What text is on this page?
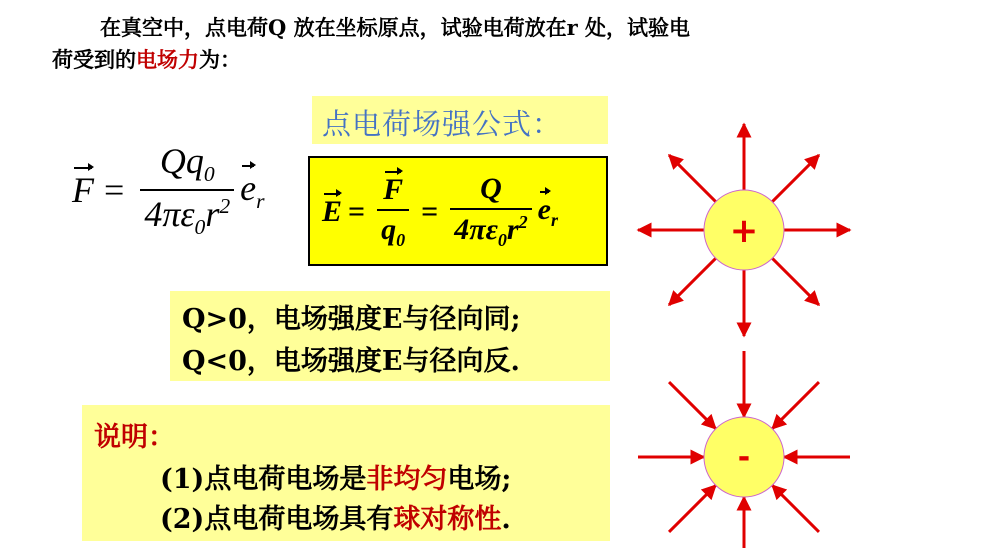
在真空中，点电荷Q 放在坐标原点，试验电荷放在r 处，试验电
荷受到的电场力为：

$F = \frac{Qq_0}{4\pi\varepsilon_0r^2} e_r$
点电荷场强公式：
$E = \frac{F}{q_0} = \frac{Q}{4\pi\varepsilon_0r^2} e_r$

Q>0，电场强度E与径向同;

Q<0，电场强度E与径向反.

说明：
(1)点电荷电场是非均匀电场;
(2)点电荷电场具有球对称性.
+
-
